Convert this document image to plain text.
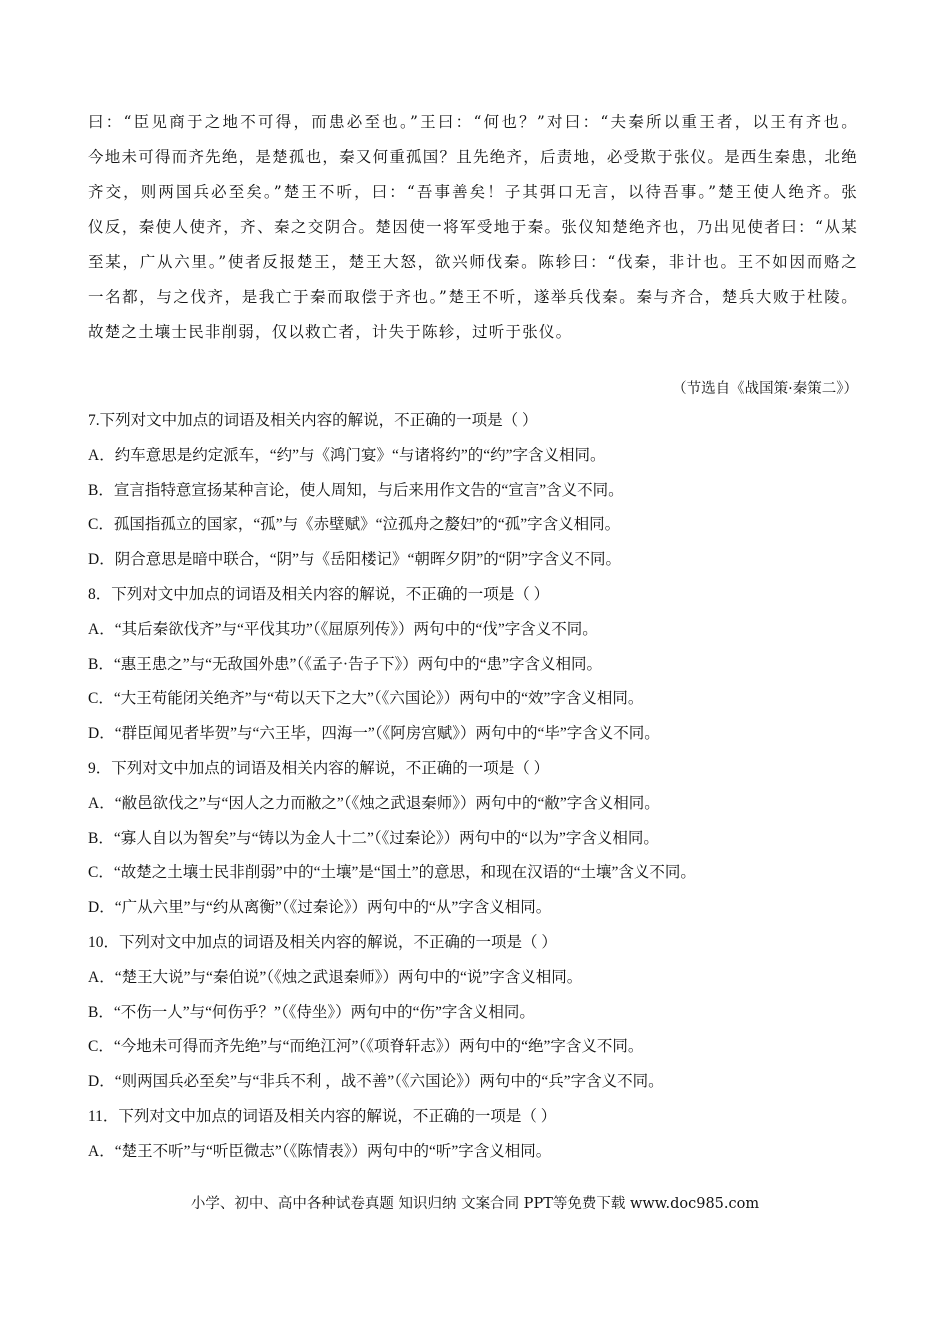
曰：“臣见商于之地不可得，而患必至也。”王曰：“何也？”对曰：“夫秦所以重王者，以王有齐也。
今地未可得而齐先绝，是楚孤也，秦又何重孤国？且先绝齐，后责地，必受欺于张仪。是西生秦患，北绝
齐交，则两国兵必至矣。”楚王不听，曰：“吾事善矣！子其弭口无言，以待吾事。”楚王使人绝齐。张
仪反，秦使人使齐，齐、秦之交阴合。楚因使一将军受地于秦。张仪知楚绝齐也，乃出见使者曰：“从某
至某，广从六里。”使者反报楚王，楚王大怒，欲兴师伐秦。陈轸曰：“伐秦，非计也。王不如因而赂之
一名都，与之伐齐，是我亡于秦而取偿于齐也。”楚王不听，遂举兵伐秦。秦与齐合，楚兵大败于杜陵。
故楚之土壤士民非削弱，仅以救亡者，计失于陈轸，过听于张仪。
（节选自《战国策·秦策二》）
7.下列对文中加点的词语及相关内容的解说，不正确的一项是（ ）
A．约车意思是约定派车，“约”与《鸿门宴》“与诸将约”的“约”字含义相同。
B．宣言指特意宣扬某种言论，使人周知，与后来用作文告的“宣言”含义不同。
C．孤国指孤立的国家，“孤”与《赤壁赋》“泣孤舟之嫠妇”的“孤”字含义相同。
D．阴合意思是暗中联合，“阴”与《岳阳楼记》“朝晖夕阴”的“阴”字含义不同。
8．下列对文中加点的词语及相关内容的解说，不正确的一项是（ ）
A．“其后秦欲伐齐”与“平伐其功”（《屈原列传》）两句中的“伐”字含义不同。
B．“惠王患之”与“无敌国外患”（《孟子·告子下》）两句中的“患”字含义相同。
C．“大王苟能闭关绝齐”与“苟以天下之大”（《六国论》）两句中的“效”字含义相同。
D．“群臣闻见者毕贺”与“六王毕，四海一”（《阿房宫赋》）两句中的“毕”字含义不同。
9．下列对文中加点的词语及相关内容的解说，不正确的一项是（ ）
A．“敝邑欲伐之”与“因人之力而敝之”（《烛之武退秦师》）两句中的“敝”字含义相同。
B．“寡人自以为智矣”与“铸以为金人十二”（《过秦论》）两句中的“以为”字含义相同。
C．“故楚之土壤士民非削弱”中的“土壤”是“国土”的意思，和现在汉语的“土壤”含义不同。
D．“广从六里”与“约从离衡”（《过秦论》）两句中的“从”字含义相同。
10．下列对文中加点的词语及相关内容的解说，不正确的一项是（ ）
A．“楚王大说”与“秦伯说”（《烛之武退秦师》）两句中的“说”字含义相同。
B．“不伤一人”与“何伤乎？”（《侍坐》）两句中的“伤”字含义相同。
C．“今地未可得而齐先绝”与“而绝江河”（《项脊轩志》）两句中的“绝”字含义不同。
D．“则两国兵必至矣”与“非兵不利 ，战不善”（《六国论》）两句中的“兵”字含义不同。
11．下列对文中加点的词语及相关内容的解说，不正确的一项是（ ）
A．“楚王不听”与“听臣微志”（《陈情表》）两句中的“听”字含义相同。
小学、初中、高中各种试卷真题 知识归纳 文案合同 PPT等免费下载 www.doc985.com
